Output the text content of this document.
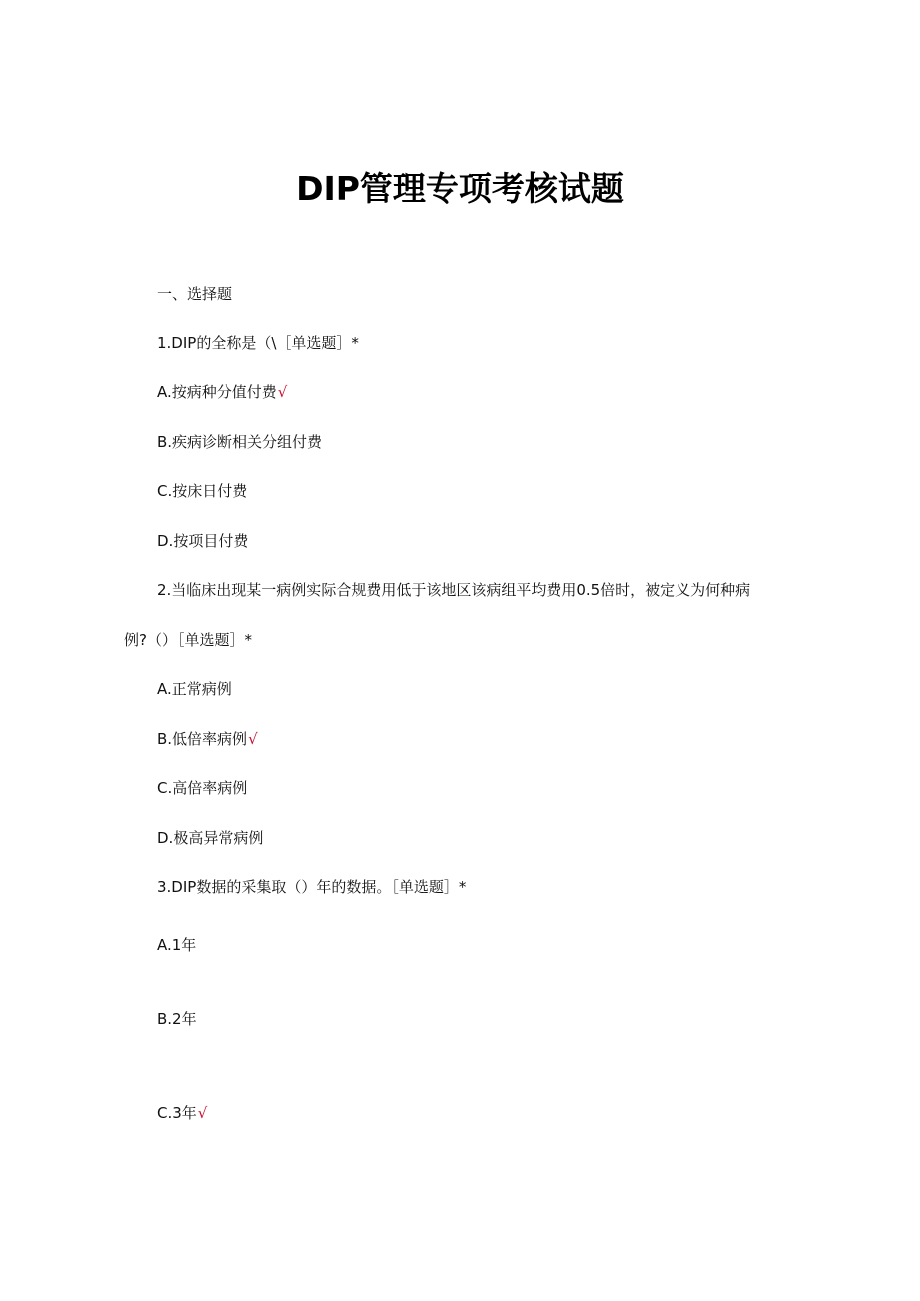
DIP管理专项考核试题
一、选择题
1.DIP的全称是（\［单选题］*
A.按病种分值付费√
B.疾病诊断相关分组付费
C.按床日付费
D.按项目付费
2.当临床出现某一病例实际合规费用低于该地区该病组平均费用0.5倍时，被定义为何种病
例?（）［单选题］*
A.正常病例
B.低倍率病例√
C.高倍率病例
D.极高异常病例
3.DIP数据的采集取（）年的数据。［单选题］*
A.1年
B.2年
C.3年√
